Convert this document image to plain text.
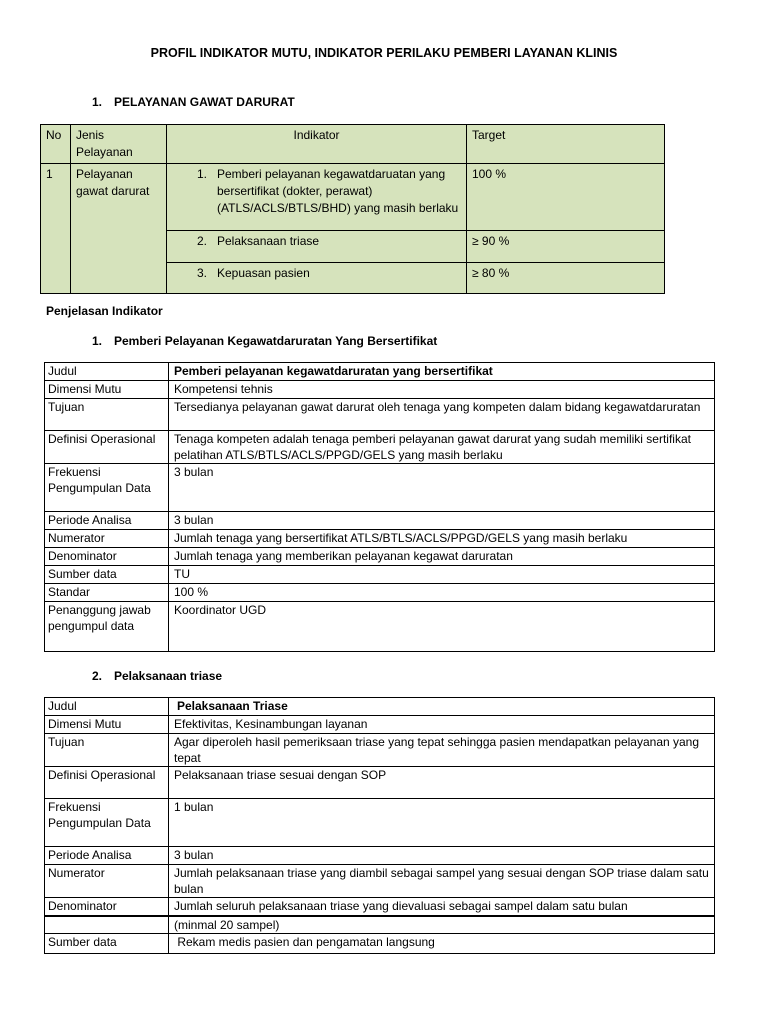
PROFIL INDIKATOR MUTU, INDIKATOR PERILAKU PEMBERI LAYANAN KLINIS
1. PELAYANAN GAWAT DARURAT
No	Jenis Pelayanan	Indikator	Target
1	Pelayanan gawat darurat	1. Pemberi pelayanan kegawatdaruatan yang bersertifikat (dokter, perawat) (ATLS/ACLS/BTLS/BHD) yang masih berlaku	100 %

		2. Pelaksanaan triase	≥ 90 %

		3. Kepuasan pasien	≥ 80 %
Penjelasan Indikator
1. Pemberi Pelayanan Kegawatdaruratan Yang Bersertifikat
Judul	Pemberi pelayanan kegawatdaruratan yang bersertifikat
Dimensi Mutu	Kompetensi tehnis
Tujuan	Tersedianya pelayanan gawat darurat oleh tenaga yang kompeten dalam bidang kegawatdaruratan
Definisi Operasional	Tenaga kompeten adalah tenaga pemberi pelayanan gawat darurat yang sudah memiliki sertifikat pelatihan ATLS/BTLS/ACLS/PPGD/GELS yang masih berlaku
Frekuensi Pengumpulan Data	3 bulan
Periode Analisa	3 bulan
Numerator	Jumlah tenaga yang bersertifikat ATLS/BTLS/ACLS/PPGD/GELS yang masih berlaku
Denominator	Jumlah tenaga yang memberikan pelayanan kegawat daruratan
Sumber data	TU
Standar	100 %
Penanggung jawab pengumpul data	Koordinator UGD
2. Pelaksanaan triase
Judul	Pelaksanaan Triase
Dimensi Mutu	Efektivitas, Kesinambungan layanan
Tujuan	Agar diperoleh hasil pemeriksaan triase yang tepat sehingga pasien mendapatkan pelayanan yang tepat
Definisi Operasional	Pelaksanaan triase sesuai dengan SOP
Frekuensi Pengumpulan Data	1 bulan
Periode Analisa	3 bulan
Numerator	Jumlah pelaksanaan triase yang diambil sebagai sampel yang sesuai dengan SOP triase dalam satu bulan
Denominator	Jumlah seluruh pelaksanaan triase yang dievaluasi sebagai sampel dalam satu bulan
	(minmal 20 sampel)
Sumber data	Rekam medis pasien dan pengamatan langsung
